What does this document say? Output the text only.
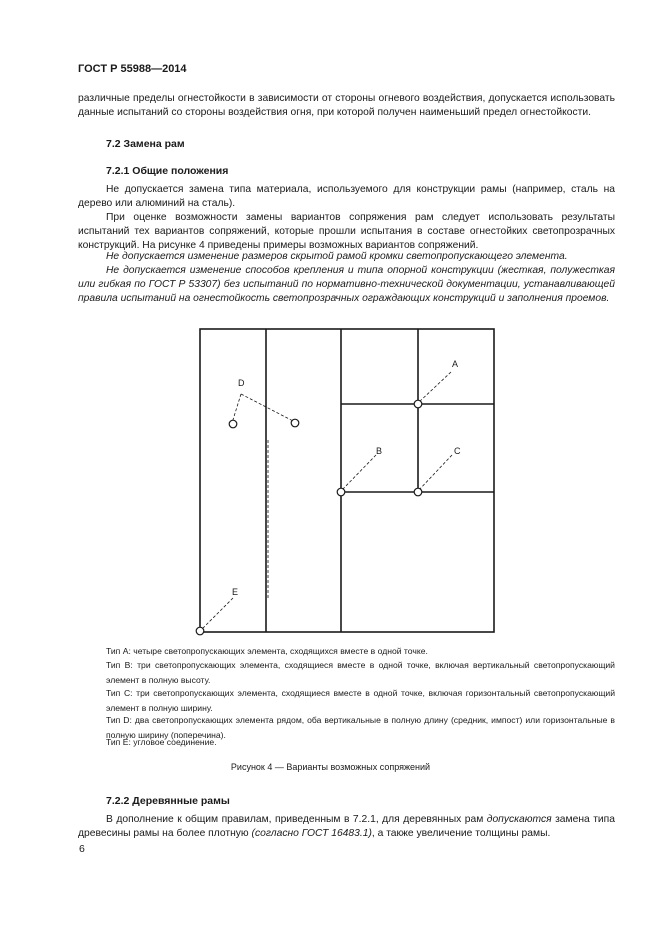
ГОСТ Р 55988—2014

различные пределы огнестойкости в зависимости от стороны огневого воздействия, допускается использовать данные испытаний со стороны воздействия огня, при которой получен наименьший предел огнестойкости.

7.2 Замена рам

7.2.1 Общие положения

Не допускается замена типа материала, используемого для конструкции рамы (например, сталь на дерево или алюминий на сталь).

При оценке возможности замены вариантов сопряжения рам следует использовать результаты испытаний тех вариантов сопряжений, которые прошли испытания в составе огнестойких светопрозрачных конструкций. На рисунке 4 приведены примеры возможных вариантов сопряжений.

Не допускается изменение размеров скрытой рамой кромки светопропускающего элемента.

Не допускается изменение способов крепления и типа опорной конструкции (жесткая, полужесткая или гибкая по ГОСТ Р 53307) без испытаний по нормативно-технической документации, устанавливающей правила испытаний на огнестойкость светопрозрачных ограждающих конструкций и заполнения проемов.

A
B	C
D
E

Тип А: четыре светопропускающих элемента, сходящихся вместе в одной точке.

Тип В: три светопропускающих элемента, сходящиеся вместе в одной точке, включая вертикальный светопропускающий элемент в полную высоту.

Тип С: три светопропускающих элемента, сходящиеся вместе в одной точке, включая горизонтальный светопропускающий элемент в полную ширину.

Тип D: два светопропускающих элемента рядом, оба вертикальные в полную длину (средник, импост) или горизонтальные в полную ширину (поперечина).

Тип Е: угловое соединение.

Рисунок 4 — Варианты возможных сопряжений

7.2.2 Деревянные рамы

В дополнение к общим правилам, приведенным в 7.2.1, для деревянных рам допускаются замена типа древесины рамы на более плотную (согласно ГОСТ 16483.1), а также увеличение толщины рамы.

6
